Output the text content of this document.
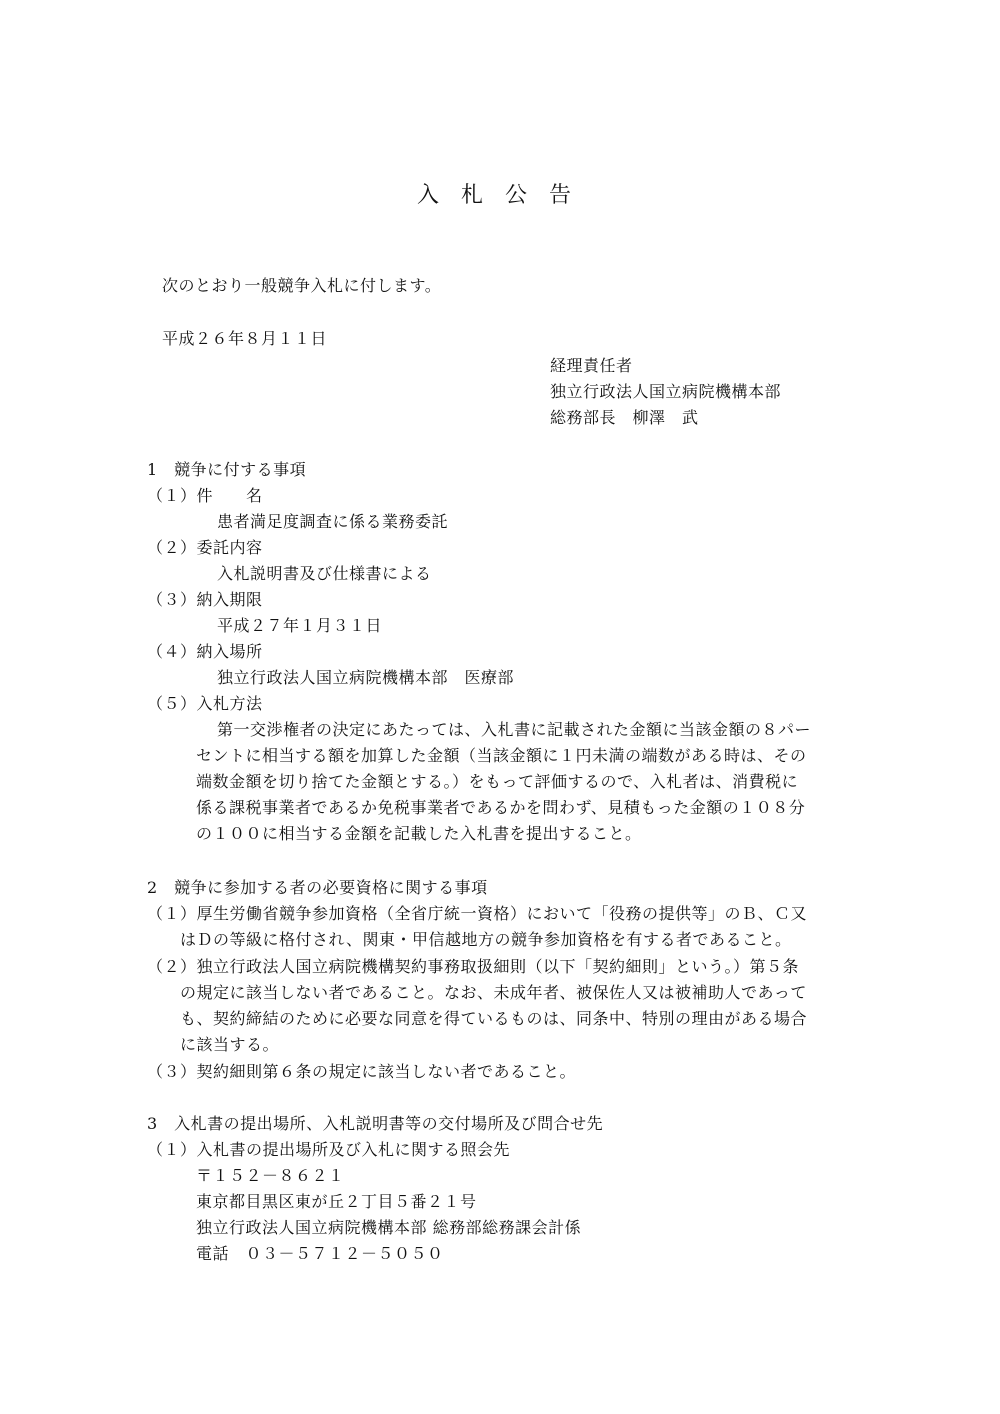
入　札　公　告
次のとおり一般競争入札に付します。
平成２６年８月１１日
経理責任者
独立行政法人国立病院機構本部
総務部長　柳澤　武
1　競争に付する事項
（１）件　　名
患者満足度調査に係る業務委託
（２）委託内容
入札説明書及び仕様書による
（３）納入期限
平成２７年１月３１日
（４）納入場所
独立行政法人国立病院機構本部　医療部
（５）入札方法
第一交渉権者の決定にあたっては、入札書に記載された金額に当該金額の８パー
セントに相当する額を加算した金額（当該金額に１円未満の端数がある時は、その
端数金額を切り捨てた金額とする。）をもって評価するので、入札者は、消費税に
係る課税事業者であるか免税事業者であるかを問わず、見積もった金額の１０８分
の１００に相当する金額を記載した入札書を提出すること。
2　競争に参加する者の必要資格に関する事項
（１）厚生労働省競争参加資格（全省庁統一資格）において「役務の提供等」のＢ、Ｃ又
はＤの等級に格付され、関東・甲信越地方の競争参加資格を有する者であること。
（２）独立行政法人国立病院機構契約事務取扱細則（以下「契約細則」という。）第５条
の規定に該当しない者であること。なお、未成年者、被保佐人又は被補助人であって
も、契約締結のために必要な同意を得ているものは、同条中、特別の理由がある場合
に該当する。
（３）契約細則第６条の規定に該当しない者であること。
3　入札書の提出場所、入札説明書等の交付場所及び問合せ先
（１）入札書の提出場所及び入札に関する照会先
〒１５２－８６２１
東京都目黒区東が丘２丁目５番２１号
独立行政法人国立病院機構本部 総務部総務課会計係
電話　０３－５７１２－５０５０
